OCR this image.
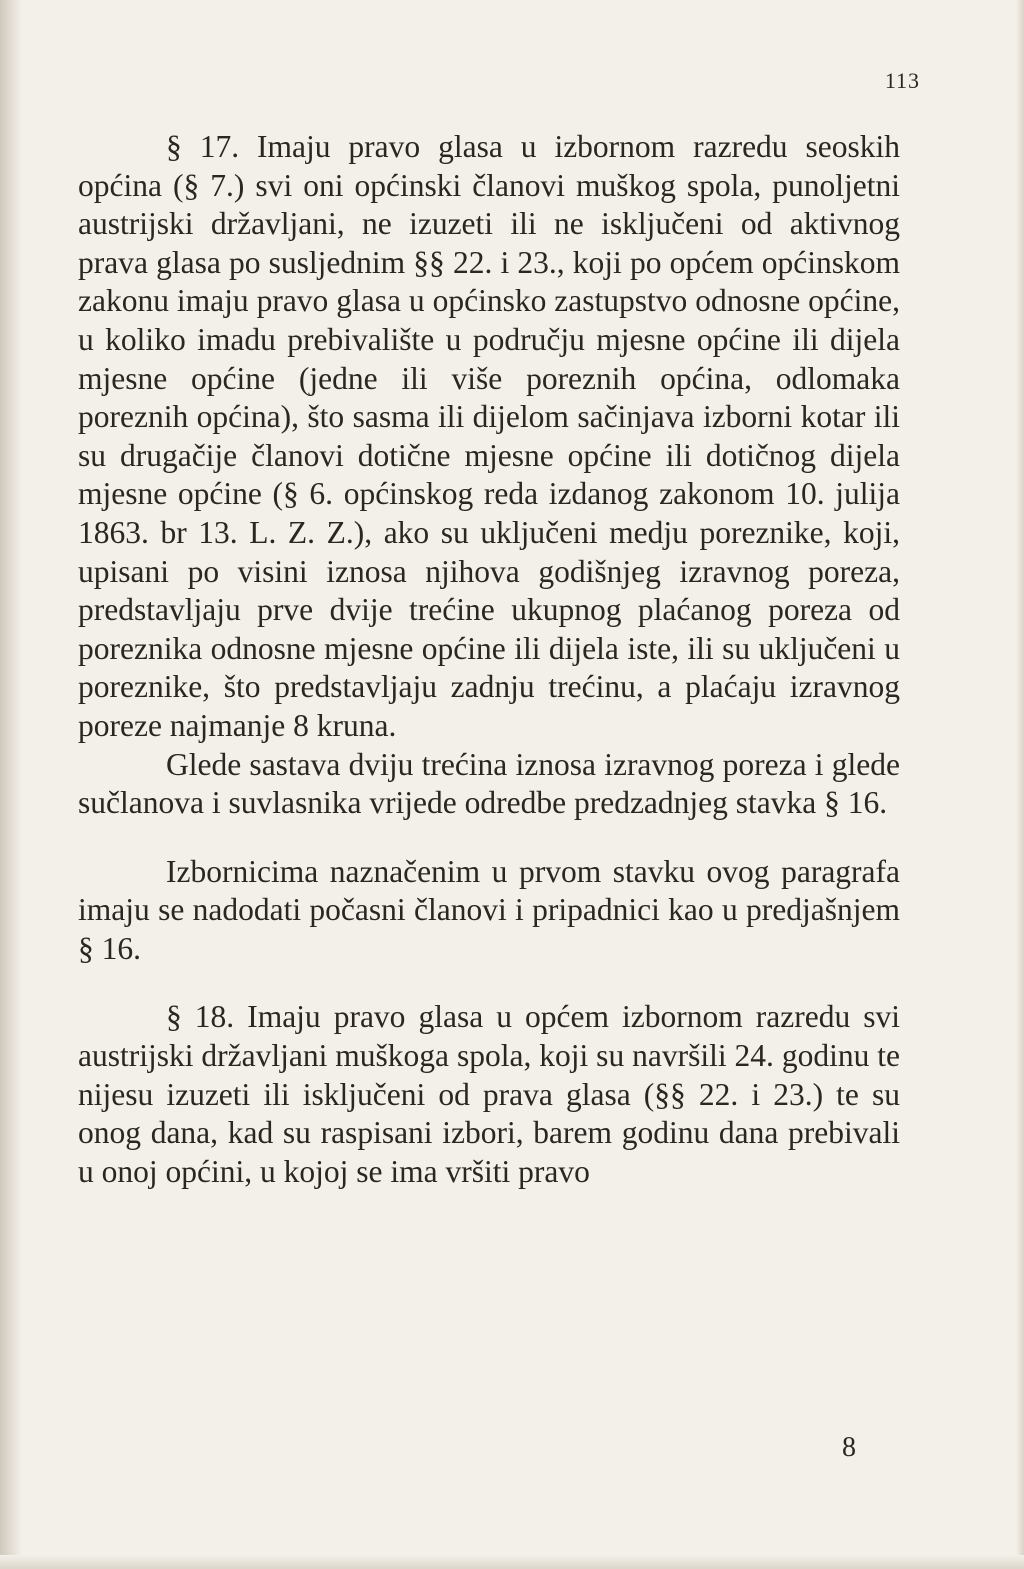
113

§ 17. Imaju pravo glasa u izbornom razredu seoskih općina (§ 7.) svi oni općinski članovi muškog spola, punoljetni austrijski državljani, ne izuzeti ili ne isključeni od aktivnog prava glasa po susljednim §§ 22. i 23., koji po općem općinskom zakonu imaju pravo glasa u općinsko zastupstvo odnosne općine, u koliko imadu prebivalište u području mjesne općine ili dijela mjesne općine (jedne ili više poreznih općina, odlomaka poreznih općina), što sasma ili dijelom sačinjava izborni kotar ili su drugačije članovi dotične mjesne općine ili dotičnog dijela mjesne općine (§ 6. općinskog reda izdanog zakonom 10. julija 1863. br 13. L. Z. Z.), ako su uključeni medju poreznike, koji, upisani po visini iznosa njihova godišnjeg izravnog poreza, predstavljaju prve dvije trećine ukupnog plaćanog poreza od poreznika odnosne mjesne općine ili dijela iste, ili su uključeni u poreznike, što predstavljaju zadnju trećinu, a plaćaju izravnog poreze najmanje 8 kruna.

Glede sastava dviju trećina iznosa izravnog poreza i glede sučlanova i suvlasnika vrijede odredbe predzadnjeg stavka § 16.

Izbornicima naznačenim u prvom stavku ovog paragrafa imaju se nadodati počasni članovi i pripadnici kao u predjašnjem § 16.

§ 18. Imaju pravo glasa u općem izbornom razredu svi austrijski državljani muškoga spola, koji su navršili 24. godinu te nijesu izuzeti ili isključeni od prava glasa (§§ 22. i 23.) te su onog dana, kad su raspisani izbori, barem godinu dana prebivali u onoj općini, u kojoj se ima vršiti pravo

8
